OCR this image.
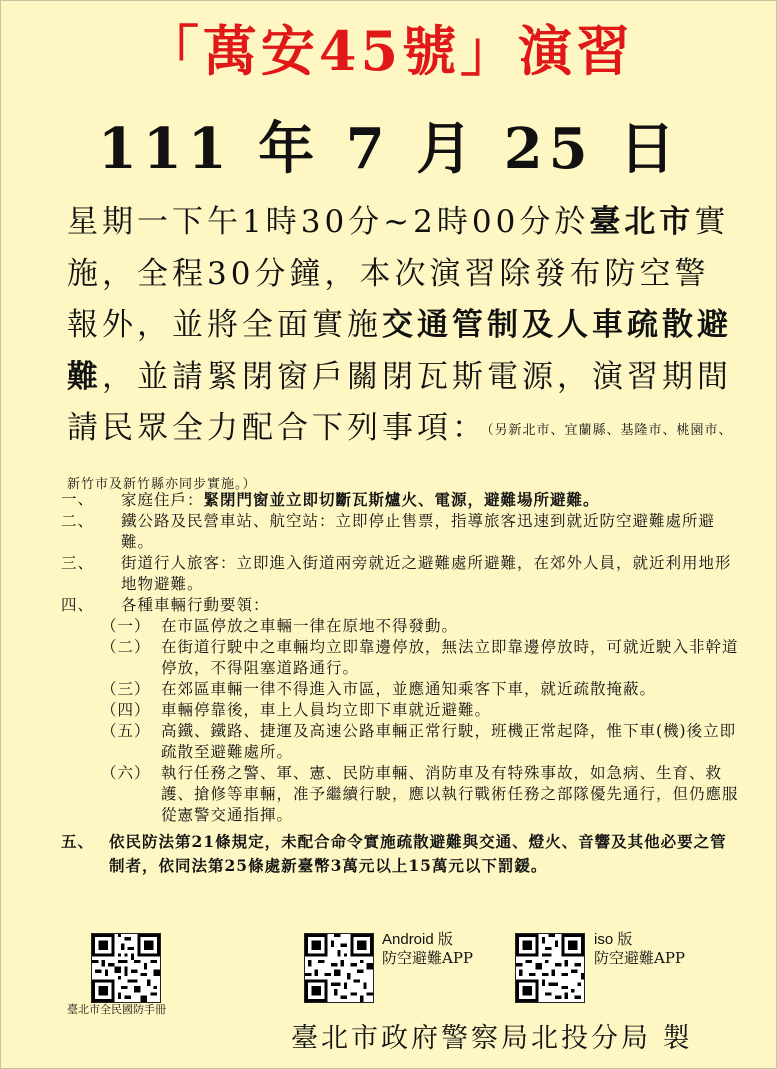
「萬安45號」演習
111 年 7 月 25 日
星期一下午1時30分~2時00分於臺北市實施，全程30分鐘，本次演習除發布防空警報外，並將全面實施交通管制及人車疏散避難，並請緊閉窗戶關閉瓦斯電源，演習期間請民眾全力配合下列事項：（另新北市、宜蘭縣、基隆市、桃園市、新竹市及新竹縣亦同步實施。）
一、 家庭住戶：緊閉門窗並立即切斷瓦斯爐火、電源，避難場所避難。
二、 鐵公路及民營車站、航空站：立即停止售票，指導旅客迅速到就近防空避難處所避難。
三、 街道行人旅客：立即進入街道兩旁就近之避難處所避難，在郊外人員，就近利用地形地物避難。
四、 各種車輛行動要領：
（一） 在市區停放之車輛一律在原地不得發動。
（二） 在街道行駛中之車輛均立即靠邊停放，無法立即靠邊停放時，可就近駛入非幹道停放，不得阻塞道路通行。
（三） 在郊區車輛一律不得進入市區，並應通知乘客下車，就近疏散掩蔽。
（四） 車輛停靠後，車上人員均立即下車就近避難。
（五） 高鐵、鐵路、捷運及高速公路車輛正常行駛，班機正常起降，惟下車(機)後立即疏散至避難處所。
（六） 執行任務之警、軍、憲、民防車輛、消防車及有特殊事故，如急病、生育、救護、搶修等車輛，准予繼續行駛，應以執行戰術任務之部隊優先通行，但仍應服從憲警交通指揮。
五、 依民防法第21條規定，未配合命令實施疏散避難與交通、燈火、音響及其他必要之管制者，依同法第25條處新臺幣3萬元以上15萬元以下罰鍰。
臺北市全民國防手冊
Android 版
防空避難APP
iso 版
防空避難APP
臺北市政府警察局北投分局 製
